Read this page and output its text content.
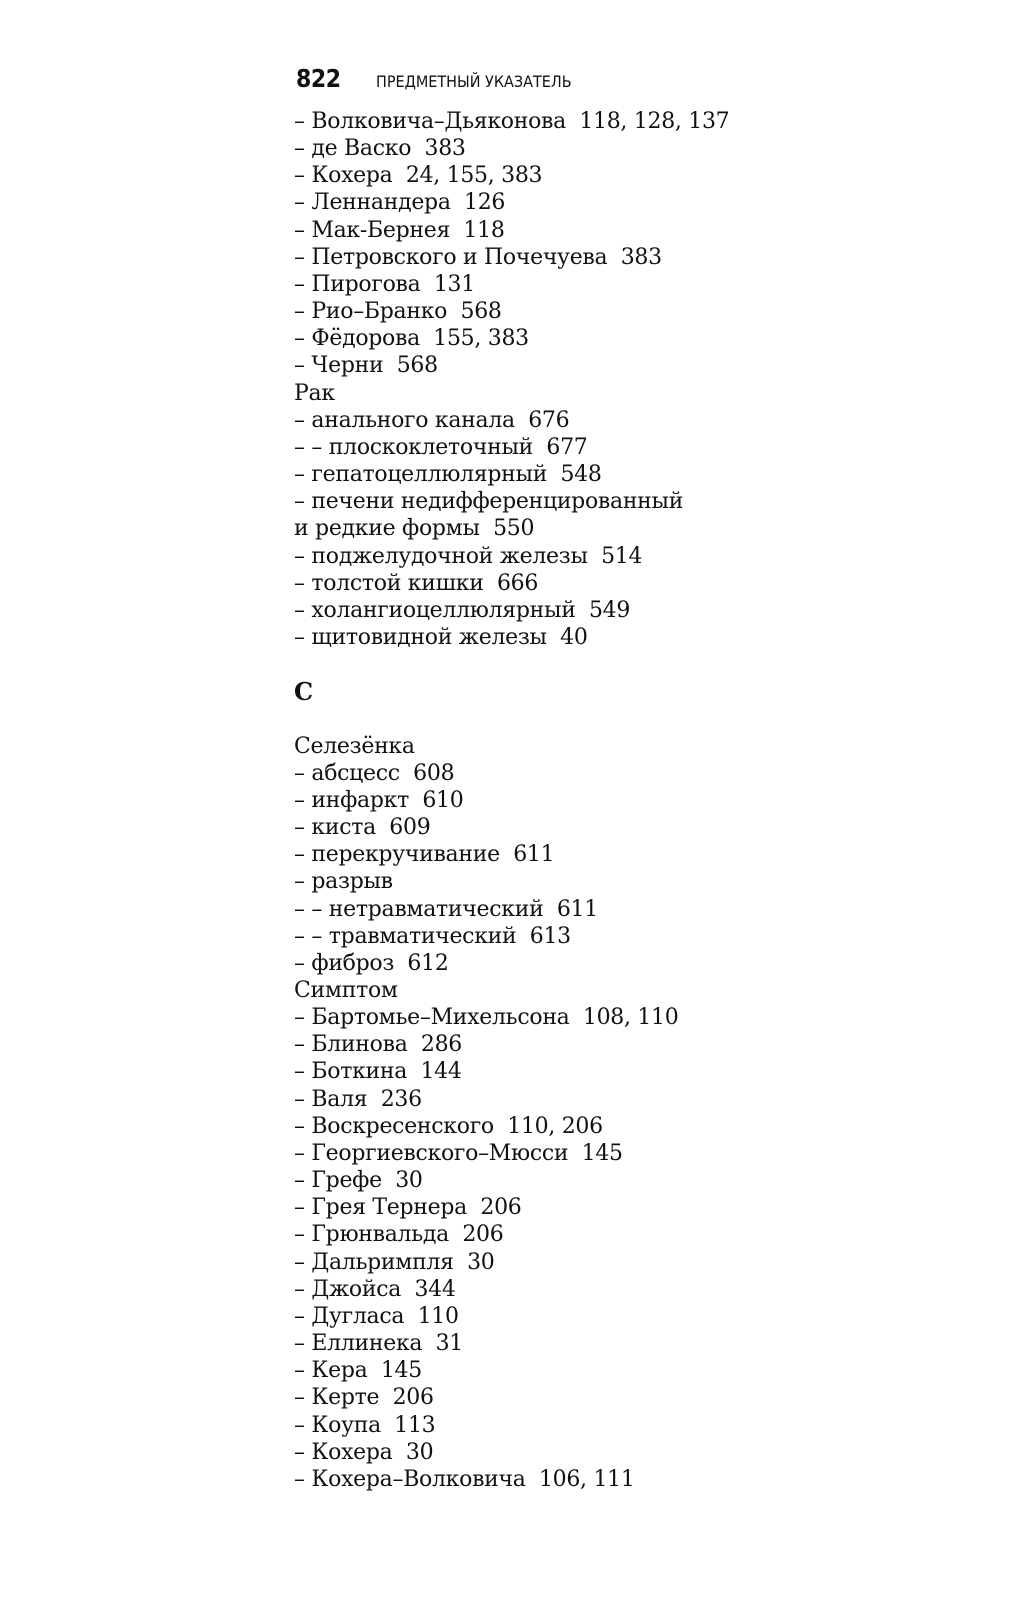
822	ПРЕДМЕТНЫЙ УКАЗАТЕЛЬ
– Волковича–Дьяконова  118, 128, 137
– де Васко  383
– Кохера  24, 155, 383
– Леннандера  126
– Мак-Бернея  118
– Петровского и Почечуева  383
– Пирогова  131
– Рио–Бранко  568
– Фёдорова  155, 383
– Черни  568
Рак
– анального канала  676
– – плоскоклеточный  677
– гепатоцеллюлярный  548
– печени недифференцированный
и редкие формы  550
– поджелудочной железы  514
– толстой кишки  666
– холангиоцеллюлярный  549
– щитовидной железы  40
С
Селезёнка
– абсцесс  608
– инфаркт  610
– киста  609
– перекручивание  611
– разрыв
– – нетравматический  611
– – травматический  613
– фиброз  612
Симптом
– Бартомье–Михельсона  108, 110
– Блинова  286
– Боткина  144
– Валя  236
– Воскресенского  110, 206
– Георгиевского–Мюсси  145
– Грефе  30
– Грея Тернера  206
– Грюнвальда  206
– Дальримпля  30
– Джойса  344
– Дугласа  110
– Еллинека  31
– Кера  145
– Керте  206
– Коупа  113
– Кохера  30
– Кохера–Волковича  106, 111
